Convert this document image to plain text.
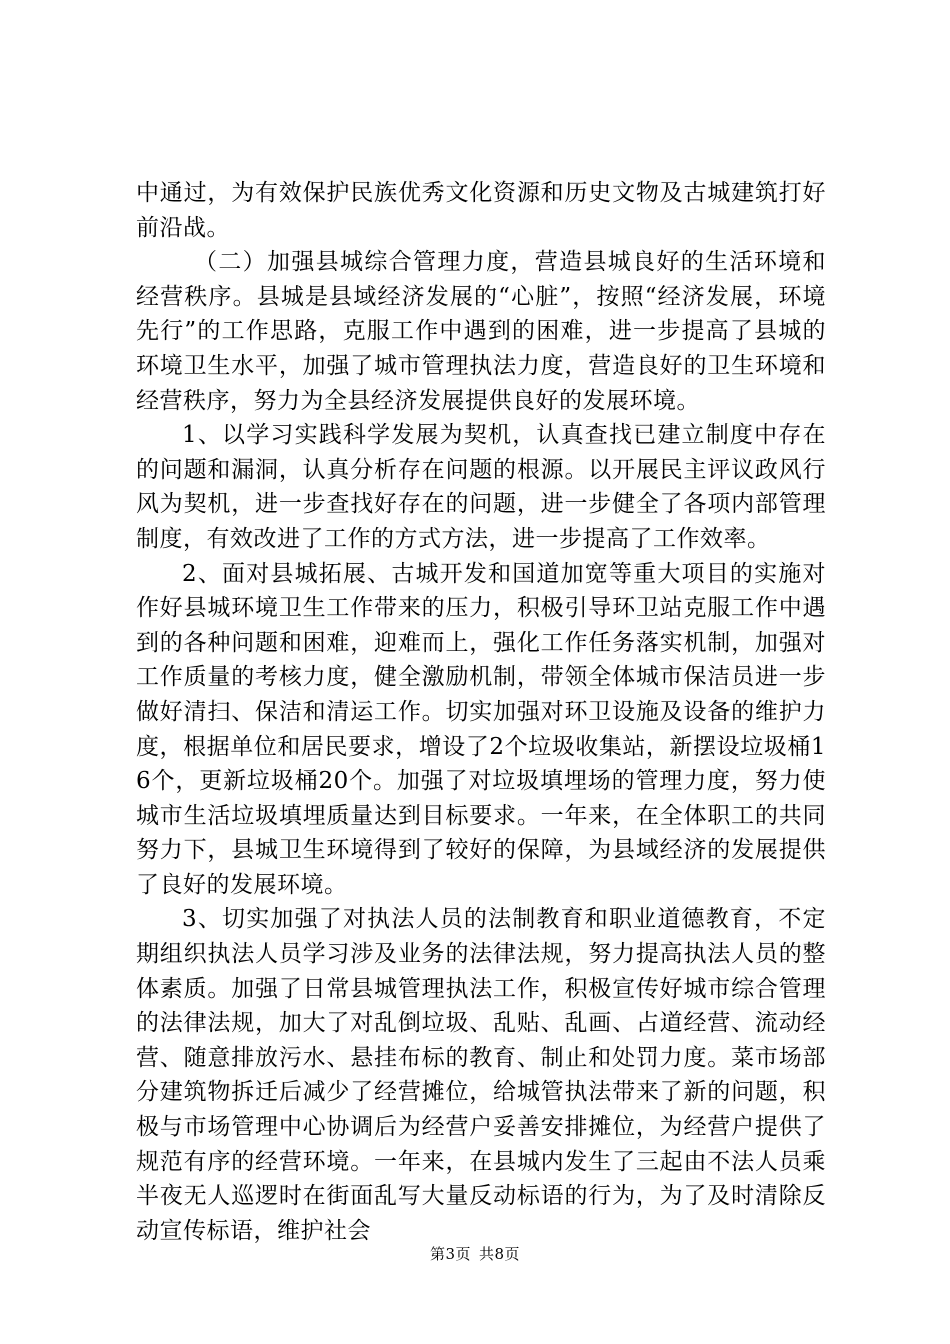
中通过，为有效保护民族优秀文化资源和历史文物及古城建筑打好前沿战。

（二）加强县城综合管理力度，营造县城良好的生活环境和经营秩序。县城是县域经济发展的“心脏”，按照“经济发展，环境先行”的工作思路，克服工作中遇到的困难，进一步提高了县城的环境卫生水平，加强了城市管理执法力度，营造良好的卫生环境和经营秩序，努力为全县经济发展提供良好的发展环境。

1、以学习实践科学发展为契机，认真查找已建立制度中存在的问题和漏洞，认真分析存在问题的根源。以开展民主评议政风行风为契机，进一步查找好存在的问题，进一步健全了各项内部管理制度，有效改进了工作的方式方法，进一步提高了工作效率。

2、面对县城拓展、古城开发和国道加宽等重大项目的实施对作好县城环境卫生工作带来的压力，积极引导环卫站克服工作中遇到的各种问题和困难，迎难而上，强化工作任务落实机制，加强对工作质量的考核力度，健全激励机制，带领全体城市保洁员进一步做好清扫、保洁和清运工作。切实加强对环卫设施及设备的维护力度，根据单位和居民要求，增设了2个垃圾收集站，新摆设垃圾桶16个，更新垃圾桶20个。加强了对垃圾填埋场的管理力度，努力使城市生活垃圾填埋质量达到目标要求。一年来，在全体职工的共同努力下，县城卫生环境得到了较好的保障，为县域经济的发展提供了良好的发展环境。

3、切实加强了对执法人员的法制教育和职业道德教育，不定期组织执法人员学习涉及业务的法律法规，努力提高执法人员的整体素质。加强了日常县城管理执法工作，积极宣传好城市综合管理的法律法规，加大了对乱倒垃圾、乱贴、乱画、占道经营、流动经营、随意排放污水、悬挂布标的教育、制止和处罚力度。菜市场部分建筑物拆迁后减少了经营摊位，给城管执法带来了新的问题，积极与市场管理中心协调后为经营户妥善安排摊位，为经营户提供了规范有序的经营环境。一年来，在县城内发生了三起由不法人员乘半夜无人巡逻时在街面乱写大量反动标语的行为，为了及时清除反动宣传标语，维护社会

第3页 共8页
